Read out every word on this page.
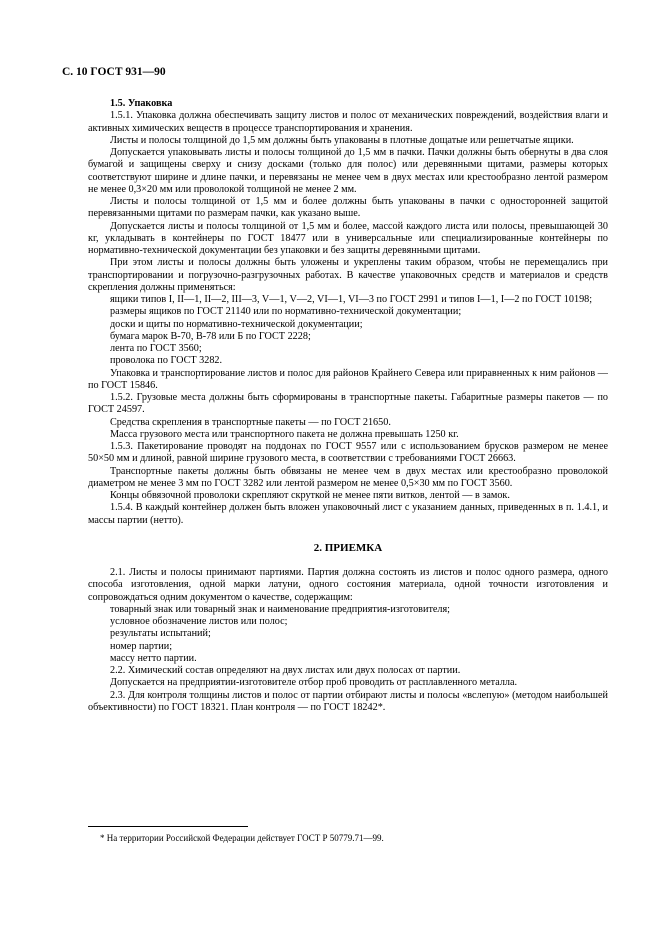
С. 10 ГОСТ 931—90

1.5. Упаковка

1.5.1. Упаковка должна обеспечивать защиту листов и полос от механических повреждений, воздействия влаги и активных химических веществ в процессе транспортирования и хранения.

Листы и полосы толщиной до 1,5 мм должны быть упакованы в плотные дощатые или решетчатые ящики.

Допускается упаковывать листы и полосы толщиной до 1,5 мм в пачки. Пачки должны быть обернуты в два слоя бумагой и защищены сверху и снизу досками (только для полос) или деревянными щитами, размеры которых соответствуют ширине и длине пачки, и перевязаны не менее чем в двух местах или крестообразно лентой размером не менее 0,3×20 мм или проволокой толщиной не менее 2 мм.

Листы и полосы толщиной от 1,5 мм и более должны быть упакованы в пачки с односторонней защитой перевязанными щитами по размерам пачки, как указано выше.

Допускается листы и полосы толщиной от 1,5 мм и более, массой каждого листа или полосы, превышающей 30 кг, укладывать в контейнеры по ГОСТ 18477 или в универсальные или специализированные контейнеры по нормативно-технической документации без упаковки и без защиты деревянными щитами.

При этом листы и полосы должны быть уложены и укреплены таким образом, чтобы не перемещались при транспортировании и погрузочно-разгрузочных работах. В качестве упаковочных средств и материалов и средств скрепления должны применяться:

ящики типов I, II—1, II—2, III—3, V—1, V—2, VI—1, VI—3 по ГОСТ 2991 и типов I—1, I—2 по ГОСТ 10198;

размеры ящиков по ГОСТ 21140 или по нормативно-технической документации;

доски и щиты по нормативно-технической документации;

бумага марок В-70, В-78 или Б по ГОСТ 2228;

лента по ГОСТ 3560;

проволока по ГОСТ 3282.

Упаковка и транспортирование листов и полос для районов Крайнего Севера или приравненных к ним районов — по ГОСТ 15846.

1.5.2. Грузовые места должны быть сформированы в транспортные пакеты. Габаритные размеры пакетов — по ГОСТ 24597.

Средства скрепления в транспортные пакеты — по ГОСТ 21650.

Масса грузового места или транспортного пакета не должна превышать 1250 кг.

1.5.3. Пакетирование проводят на поддонах по ГОСТ 9557 или с использованием брусков размером не менее 50×50 мм и длиной, равной ширине грузового места, в соответствии с требованиями ГОСТ 26663.

Транспортные пакеты должны быть обвязаны не менее чем в двух местах или крестообразно проволокой диаметром не менее 3 мм по ГОСТ 3282 или лентой размером не менее 0,5×30 мм по ГОСТ 3560.

Концы обвязочной проволоки скрепляют скруткой не менее пяти витков, лентой — в замок.

1.5.4. В каждый контейнер должен быть вложен упаковочный лист с указанием данных, приведенных в п. 1.4.1, и массы партии (нетто).

2. ПРИЕМКА

2.1. Листы и полосы принимают партиями. Партия должна состоять из листов и полос одного размера, одного способа изготовления, одной марки латуни, одного состояния материала, одной точности изготовления и сопровождаться одним документом о качестве, содержащим:

товарный знак или товарный знак и наименование предприятия-изготовителя;

условное обозначение листов или полос;

результаты испытаний;

номер партии;

массу нетто партии.

2.2. Химический состав определяют на двух листах или двух полосах от партии.

Допускается на предприятии-изготовителе отбор проб проводить от расплавленного металла.

2.3. Для контроля толщины листов и полос от партии отбирают листы и полосы «вслепую» (методом наибольшей объективности) по ГОСТ 18321. План контроля — по ГОСТ 18242*.

* На территории Российской Федерации действует ГОСТ Р 50779.71—99.
